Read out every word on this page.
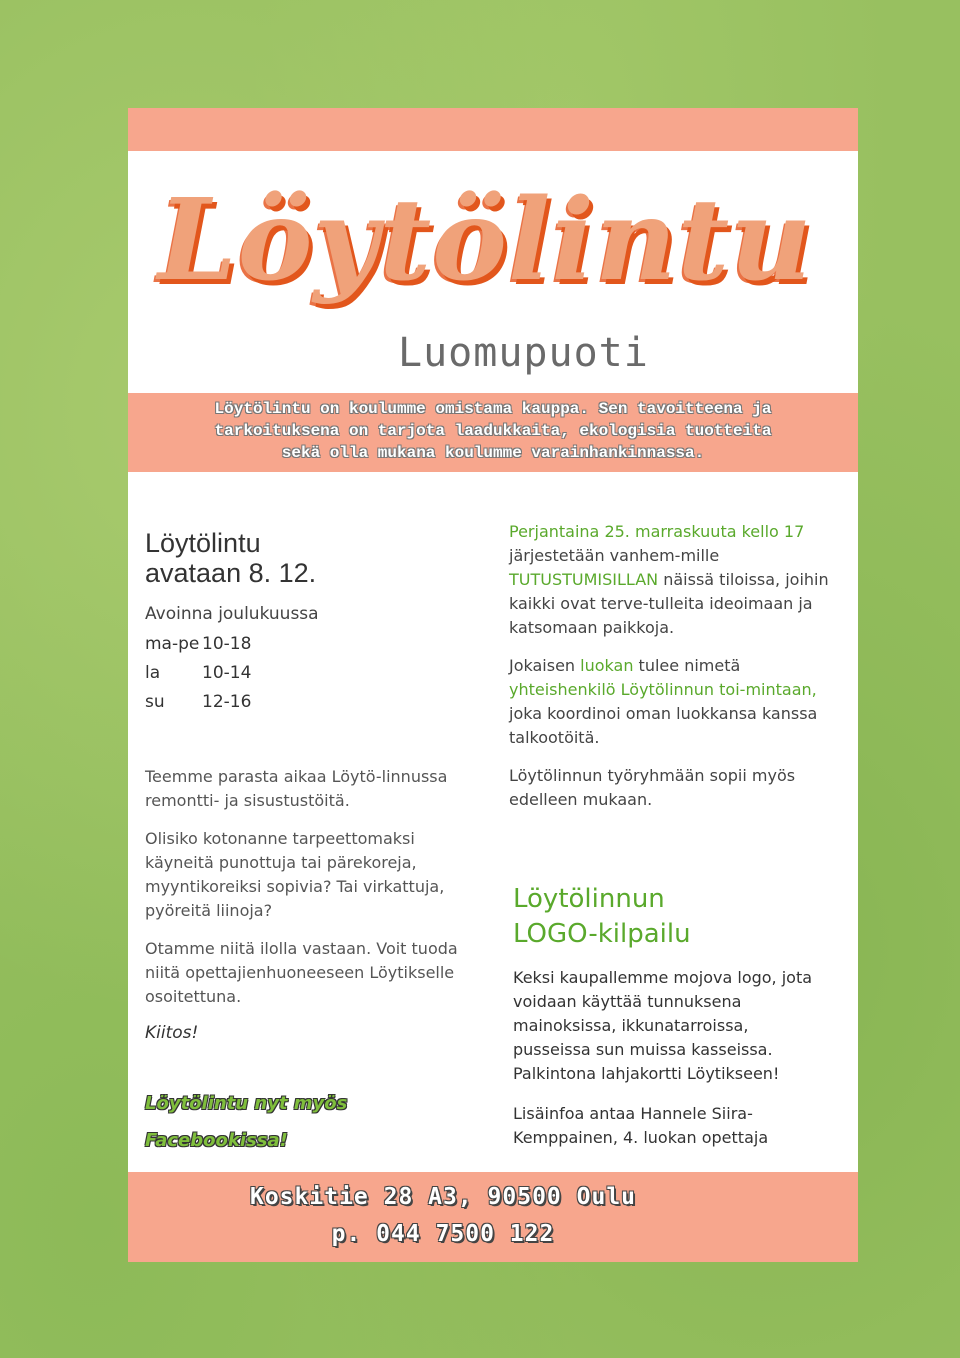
Löytölintu
Luomupuoti

Löytölintu on koulumme omistama kauppa. Sen tavoitteena ja
tarkoituksena on tarjota laadukkaita, ekologisia tuotteita
sekä olla mukana koulumme varainhankinnassa.

Löytölintu
avataan 8. 12.

Avoinna joulukuussa

ma-pe 10-18
la	10-14
su	12-16

Teemme parasta aikaa Löytö-linnussa remontti- ja sisustustöitä.

Olisiko kotonanne tarpeettomaksi käyneitä punottuja tai pärekoreja, myyntikoreiksi sopivia? Tai virkattuja, pyöreitä liinoja?

Otamme niitä ilolla vastaan. Voit tuoda niitä opettajienhuoneeseen Löytikselle osoitettuna.

Kiitos!

Löytölintu nyt myös
Facebookissa!

Perjantaina 25. marraskuuta kello 17 järjestetään vanhem-mille TUTUSTUMISILLAN näissä tiloissa, joihin kaikki ovat terve-tulleita ideoimaan ja katsomaan paikkoja.

Jokaisen luokan tulee nimetä yhteishenkilö Löytölinnun toi-mintaan, joka koordinoi oman luokkansa kanssa talkootöitä.

Löytölinnun työryhmään sopii myös edelleen mukaan.

Löytölinnun
LOGO-kilpailu

Keksi kaupallemme mojova logo, jota voidaan käyttää tunnuksena mainoksissa, ikkunatarroissa, pusseissa sun muissa kasseissa. Palkintona lahjakortti Löytikseen!

Lisäinfoa antaa Hannele Siira-Kemppainen, 4. luokan opettaja

Koskitie 28 A3, 90500 Oulu

p. 044 7500 122
